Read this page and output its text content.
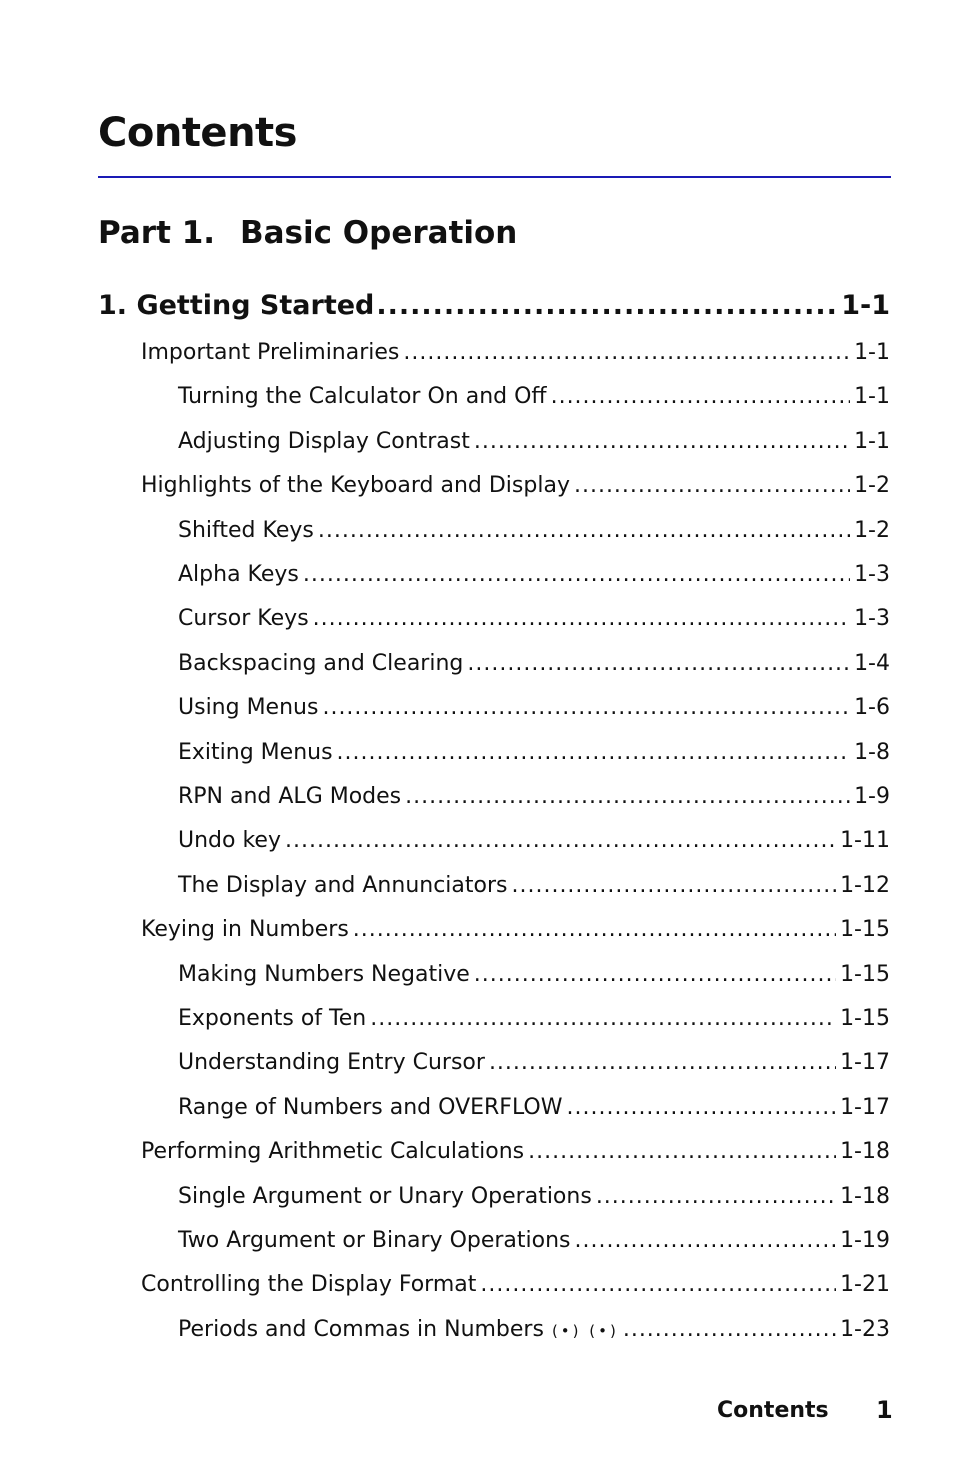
Contents
Part 1. Basic Operation
1. Getting Started .....	1-1
Important Preliminaries .....	1-1
Turning the Calculator On and Off .....	1-1
Adjusting Display Contrast .....	1-1
Highlights of the Keyboard and Display .....	1-2
Shifted Keys .....	1-2
Alpha Keys .....	1-3
Cursor Keys .....	1-3
Backspacing and Clearing .....	1-4
Using Menus .....	1-6
Exiting Menus .....	1-8
RPN and ALG Modes .....	1-9
Undo key .....	1-11
The Display and Annunciators .....	1-12
Keying in Numbers .....	1-15
Making Numbers Negative .....	1-15
Exponents of Ten .....	1-15
Understanding Entry Cursor .....	1-17
Range of Numbers and OVERFLOW .....	1-17
Performing Arithmetic Calculations .....	1-18
Single Argument or Unary Operations .....	1-18
Two Argument or Binary Operations .....	1-19
Controlling the Display Format .....	1-21
Periods and Commas in Numbers (•) (•) .....	1-23
Contents 1
